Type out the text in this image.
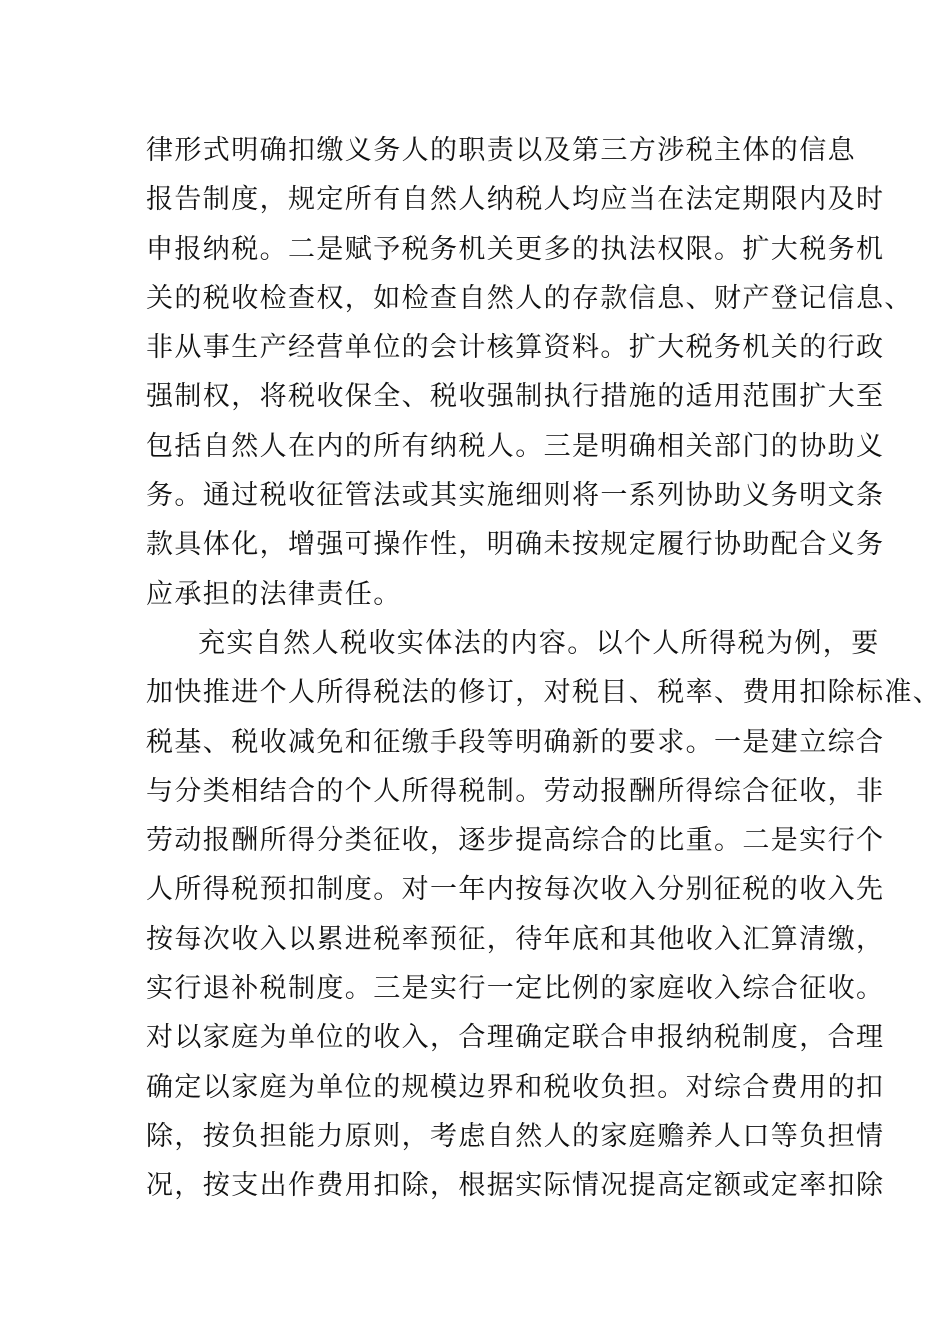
律形式明确扣缴义务人的职责以及第三方涉税主体的信息
报告制度，规定所有自然人纳税人均应当在法定期限内及时
申报纳税。二是赋予税务机关更多的执法权限。扩大税务机
关的税收检查权，如检查自然人的存款信息、财产登记信息、
非从事生产经营单位的会计核算资料。扩大税务机关的行政
强制权，将税收保全、税收强制执行措施的适用范围扩大至
包括自然人在内的所有纳税人。三是明确相关部门的协助义
务。通过税收征管法或其实施细则将一系列协助义务明文条
款具体化，增强可操作性，明确未按规定履行协助配合义务
应承担的法律责任。
充实自然人税收实体法的内容。以个人所得税为例，要
加快推进个人所得税法的修订，对税目、税率、费用扣除标准、
税基、税收减免和征缴手段等明确新的要求。一是建立综合
与分类相结合的个人所得税制。劳动报酬所得综合征收，非
劳动报酬所得分类征收，逐步提高综合的比重。二是实行个
人所得税预扣制度。对一年内按每次收入分别征税的收入先
按每次收入以累进税率预征，待年底和其他收入汇算清缴，
实行退补税制度。三是实行一定比例的家庭收入综合征收。
对以家庭为单位的收入，合理确定联合申报纳税制度，合理
确定以家庭为单位的规模边界和税收负担。对综合费用的扣
除，按负担能力原则，考虑自然人的家庭赡养人口等负担情
况，按支出作费用扣除，根据实际情况提高定额或定率扣除
